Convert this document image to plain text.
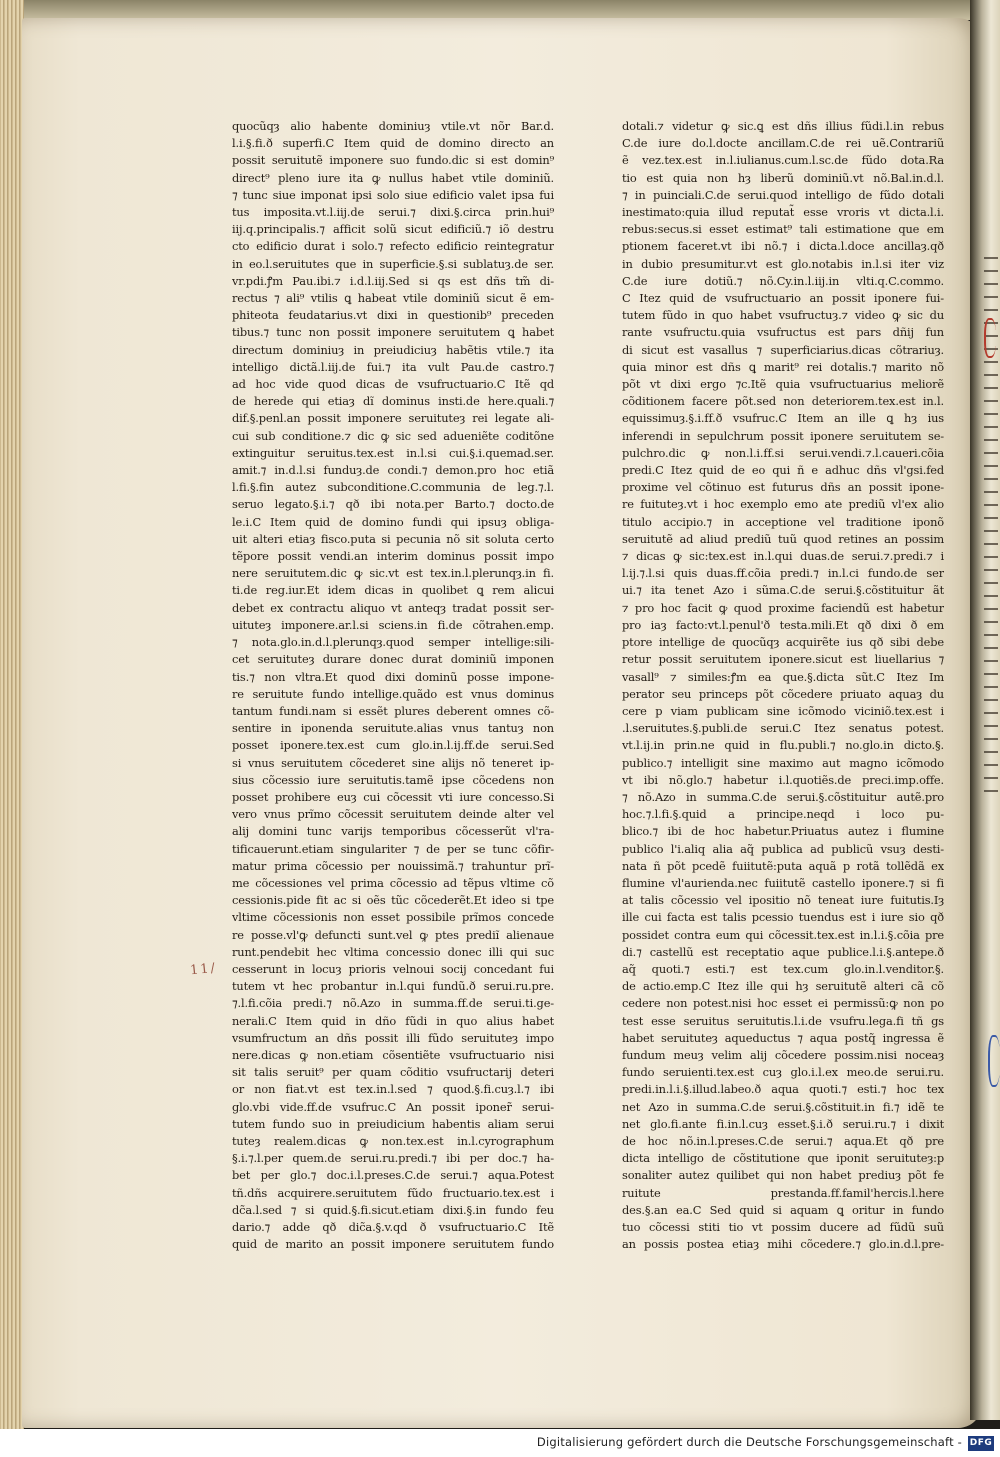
quocũqȝ alio habente dominiuȝ vtile.vt nõr Bar.d.
l.i.§.fi.ð superfi.C Item quid de domino directo an
possit seruitutẽ imponere suo fundo.dic si est domin⁹
direct⁹ pleno iure ita ꝙ nullus habet vtile dominiũ.
⁊ tunc siue imponat ipsi solo siue edificio valet ipsa fui
tus imposita.vt.l.iij.de serui.⁊ dixi.§.circa prin.hui⁹
iij.q.principalis.⁊ afficit solũ sicut edificiũ.⁊ iõ destru
cto edificio durat i solo.⁊ refecto edificio reintegratur
in eo.l.seruitutes que in superficie.§.si sublatuȝ.de ser.
vr.pdi.ꝭm Pau.ibi.⁊ i.d.l.iij.Sed si qs est dñs tm̃ di-
rectus ⁊ ali⁹ vtilis ꝗ habeat vtile dominiũ sicut ẽ em-
phiteota feudatarius.vt dixi in questionib⁹ preceden
tibus.⁊ tunc non possit imponere seruitutem ꝗ habet
directum dominiuȝ in preiudiciuȝ habẽtis vtile.⁊ ita
intelligo dictã.l.iij.de fui.⁊ ita vult Pau.de castro.⁊
ad hoc vide quod dicas de vsufructuario.C Itẽ qd
de herede qui etiaȝ dĩ dominus insti.de here.quali.⁊
dif.§.penl.an possit imponere seruituteȝ rei legate ali-
cui sub conditione.⁊ dic ꝙ sic sed adueniẽte coditõne
extinguitur seruitus.tex.est in.l.si cui.§.i.quemad.ser.
amit.⁊ in.d.l.si funduȝ.de condi.⁊ demon.pro hoc etiã
l.fi.§.fin autez subconditione.C.communia de leg.⁊.l.
seruo legato.§.i.⁊ qð ibi nota.per Barto.⁊ docto.de
le.i.C Item quid de domino fundi qui ipsuȝ obliga-
uit alteri etiaȝ fisco.puta si pecunia nõ sit soluta certo
tẽpore possit vendi.an interim dominus possit impo
nere seruitutem.dic ꝙ sic.vt est tex.in.l.plerunqȝ.in fi.
ti.de reg.iur.Et idem dicas in quolibet ꝗ rem alicui
debet ex contractu aliquo vt anteqȝ tradat possit ser-
uituteȝ imponere.ar.l.si sciens.in fi.de cõtrahen.emp.
⁊ nota.glo.in.d.l.plerunqȝ.quod semper intellige:sili-
cet seruituteȝ durare donec durat dominiũ imponen
tis.⁊ non vltra.Et quod dixi dominũ posse impone-
re seruitute fundo intellige.quãdo est vnus dominus
tantum fundi.nam si essẽt plures deberent omnes cõ-
sentire in iponenda seruitute.alias vnus tantuȝ non
posset iponere.tex.est cum glo.in.l.ij.ff.de serui.Sed
si vnus seruitutem cõcederet sine alijs nõ teneret ip-
sius cõcessio iure seruitutis.tamẽ ipse cõcedens non
posset prohibere euȝ cui cõcessit vti iure concesso.Si
vero vnus prĩmo cõcessit seruitutem deinde alter vel
alij domini tunc varijs temporibus cõcesserũt vl'ra-
tificauerunt.etiam singulariter ⁊ de per se tunc cõfir-
matur prima cõcessio per nouissimã.⁊ trahuntur prĩ-
me cõcessiones vel prima cõcessio ad tẽpus vltime cõ
cessionis.pide fit ac si oẽs tũc cõcederẽt.Et ideo si tpe
vltime cõcessionis non esset possibile prĩmos concede
re posse.vl'ꝙ defuncti sunt.vel ꝙ ptes prediĩ alienaue
runt.pendebit hec vltima concessio donec illi qui suc
cesserunt in locuȝ prioris velnoui socij concedant fui
tutem vt hec probantur in.l.qui fundũ.ð serui.ru.pre.
⁊.l.fi.cõia predi.⁊ nõ.Azo in summa.ff.de serui.ti.ge-
nerali.C Item quid in dño fũdi in quo alius habet
vsumfructum an dñs possit illi fũdo seruituteȝ impo
nere.dicas ꝙ non.etiam cõsentiẽte vsufructuario nisi
sit talis seruit⁹ per quam cõditio vsufructarij deteri
or non fiat.vt est tex.in.l.sed ⁊ quod.§.fi.cuȝ.l.⁊ ibi
glo.vbi vide.ff.de vsufruc.C An possit iponer̃ serui-
tutem fundo suo in preiudicium habentis aliam serui
tuteȝ realem.dicas ꝙ non.tex.est in.l.cyrographum
§.i.⁊.l.per quem.de serui.ru.predi.⁊ ibi per doc.⁊ ha-
bet per glo.⁊ doc.i.l.preses.C.de serui.⁊ aqua.Potest
tñ.dñs acquirere.seruitutem fũdo fructuario.tex.est i
dc̃a.l.sed ⁊ si quid.§.fi.sicut.etiam dixi.§.in fundo feu
dario.⁊ adde qð dic̃a.§.v.qd ð vsufructuario.C Itẽ
quid de marito an possit imponere seruitutem fundo
dotali.⁊ videtur ꝙ sic.ꝗ est dñs illius fũdi.l.in rebus
C.de iure do.l.docte ancillam.C.de rei uẽ.Contrariũ
ẽ vez.tex.est in.l.iulianus.cum.l.sc.de fũdo dota.Ra
tio est quia non hȝ liberũ dominiũ.vt nõ.Bal.in.d.l.
⁊ in puinciali.C.de serui.quod intelligo de fũdo dotali
inestimato:quia illud reputat̃ esse vroris vt dicta.l.i.
rebus:secus.si esset estimat⁹ tali estimatione que em
ptionem faceret.vt ibi nõ.⁊ i dicta.l.doce ancillaȝ.qð
in dubio presumitur.vt est glo.notabis in.l.si iter viz
C.de iure dotiũ.⁊ nõ.Cy.in.l.iij.in vlti.q.C.commo.
C Itez quid de vsufructuario an possit iponere fui-
tutem fũdo in quo habet vsufructuȝ.⁊ video ꝙ sic du
rante vsufructu.quia vsufructus est pars dñij fun
di sicut est vasallus ⁊ superficiarius.dicas cõtrariuȝ.
quia minor est dñs ꝗ marit⁹ rei dotalis.⁊ marito nõ
põt vt dixi ergo ⁊c.Itẽ quia vsufructuarius meliorẽ
cõditionem facere põt.sed non deteriorem.tex.est in.l.
equissimuȝ.§.i.ff.ð vsufruc.C Item an ille ꝗ hȝ ius
inferendi in sepulchrum possit iponere seruitutem se-
pulchro.dic ꝙ non.l.i.ff.si serui.vendi.⁊.l.caueri.cõia
predi.C Itez quid de eo qui ñ e adhuc dñs vl'gsi.fed
proxime vel cõtinuo est futurus dñs an possit ipone-
re fuituteȝ.vt i hoc exemplo emo ate prediũ vl'ex alio
titulo accipio.⁊ in acceptione vel traditione iponõ
seruitutẽ ad aliud prediũ tuũ quod retines an possim
⁊ dicas ꝙ sic:tex.est in.l.qui duas.de serui.⁊.predi.⁊ i
l.ij.⁊.l.si quis duas.ff.cõia predi.⁊ in.l.ci fundo.de ser
ui.⁊ ita tenet Azo i sũma.C.de serui.§.cõstituitur ãt
⁊ pro hoc facit ꝙ quod proxime faciendũ est habetur
pro iaȝ facto:vt.l.penul'ð testa.mili.Et qð dixi ð em
ptore intellige de quocũqȝ acquirẽte ius qð sibi debe
retur possit seruitutem iponere.sicut est liuellarius ⁊
vasall⁹ ⁊ similes:ꝭm ea que.§.dicta sũt.C Itez Im
perator seu princeps põt cõcedere priuato aquaȝ du
cere p viam publicam sine icõmodo viciniõ.tex.est i
.l.seruitutes.§.publi.de serui.C Itez senatus potest.
vt.l.ij.in prin.ne quid in flu.publi.⁊ no.glo.in dicto.§.
publico.⁊ intelligit sine maximo aut magno icõmodo
vt ibi nõ.glo.⁊ habetur i.l.quotiẽs.de preci.imp.offe.
⁊ nõ.Azo in summa.C.de serui.§.cõstituitur autẽ.pro
hoc.⁊.l.fi.§.quid a principe.neqd i loco pu-
blico.⁊ ibi de hoc habetur.Priuatus autez i flumine
publico l'i.aliq alia aq̃ publica ad publicũ vsuȝ desti-
nata ñ põt pcedẽ fuiitutẽ:puta aquã p rotã tollẽdã ex
flumine vl'aurienda.nec fuiitutẽ castello iponere.⁊ si fi
at talis cõcessio vel ipositio nõ teneat iure fuitutis.Iȝ
ille cui facta est talis pcessio tuendus est i iure sio qð
possidet contra eum qui cõcessit.tex.est in.l.i.§.cõia pre
di.⁊ castellũ est receptatio aque publice.l.i.§.antepe.ð
aq̃ quoti.⁊ esti.⁊ est tex.cum glo.in.l.venditor.§.
de actio.emp.C Itez ille qui hȝ seruitutẽ alteri cã cõ
cedere non potest.nisi hoc esset ei permissũ:ꝙ non po
test esse seruitus seruitutis.l.i.de vsufru.lega.fi tñ gs
habet seruituteȝ aqueductus ⁊ aqua postq̃ ingressa ẽ
fundum meuȝ velim alij cõcedere possim.nisi noceaȝ
fundo seruienti.tex.est cuȝ glo.i.l.ex meo.de serui.ru.
predi.in.l.i.§.illud.labeo.ð aqua quoti.⁊ esti.⁊ hoc tex
net Azo in summa.C.de serui.§.cõstituit.in fi.⁊ idẽ te
net glo.fi.ante fi.in.l.cuȝ esset.§.i.ð serui.ru.⁊ i dixit
de hoc nõ.in.l.preses.C.de serui.⁊ aqua.Et qð pre
dicta intelligo de cõstitutione que iponit seruituteȝ:p
sonaliter autez quilibet qui non habet prediuȝ põt fe
ruitute prestanda.ff.famil'hercis.l.here
des.§.an ea.C Sed quid si aquam ꝗ oritur in fundo
tuo cõcessi stiti tio vt possim ducere ad fũdũ suũ
an possis postea etiaȝ mihi cõcedere.⁊ glo.in.d.l.pre-
11/
Digitalisierung gefördert durch die Deutsche Forschungsgemeinschaft - DFG
